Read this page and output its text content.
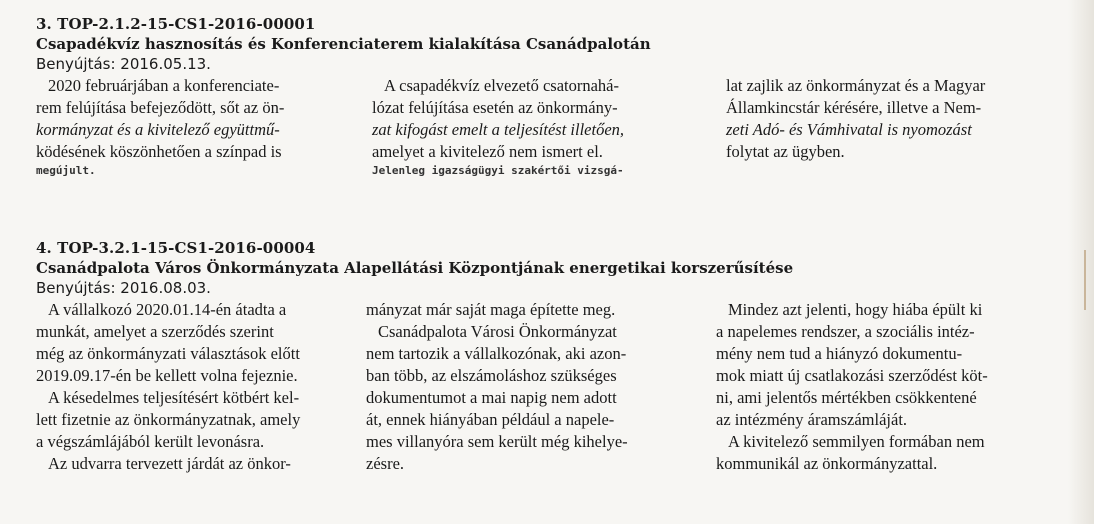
3. TOP-2.1.2-15-CS1-2016-00001
Csapadékvíz hasznosítás és Konferenciaterem kialakítása Csanádpalotán
Benyújtás: 2016.05.13.

2020 februárjában a konferenciate-

rem felújítása befejeződött, sőt az ön-

kormányzat és a kivitelező együttmű-

ködésének köszönhetően a színpad is

megújult.

A csapadékvíz elvezető csatornahá-

lózat felújítása esetén az önkormány-

zat kifogást emelt a teljesítést illetően,

amelyet a kivitelező nem ismert el.

Jelenleg igazságügyi szakértői vizsgá-

lat zajlik az önkormányzat és a Magyar

Államkincstár kérésére, illetve a Nem-

zeti Adó- és Vámhivatal is nyomozást

folytat az ügyben.

4. TOP-3.2.1-15-CS1-2016-00004
Csanádpalota Város Önkormányzata Alapellátási Központjának energetikai korszerűsítése
Benyújtás: 2016.08.03.

A vállalkozó 2020.01.14-én átadta a

munkát, amelyet a szerződés szerint

még az önkormányzati választások előtt

2019.09.17-én be kellett volna fejeznie.

A késedelmes teljesítésért kötbért kel-

lett fizetnie az önkormányzatnak, amely

a végszámlájából került levonásra.

Az udvarra tervezett járdát az önkor-

mányzat már saját maga építette meg.

Csanádpalota Városi Önkormányzat

nem tartozik a vállalkozónak, aki azon-

ban több, az elszámoláshoz szükséges

dokumentumot a mai napig nem adott

át, ennek hiányában például a napele-

mes villanyóra sem került még kihelye-

zésre.

Mindez azt jelenti, hogy hiába épült ki

a napelemes rendszer, a szociális intéz-

mény nem tud a hiányzó dokumentu-

mok miatt új csatlakozási szerződést köt-

ni, ami jelentős mértékben csökkentené

az intézmény áramszámláját.

A kivitelező semmilyen formában nem

kommunikál az önkormányzattal.
